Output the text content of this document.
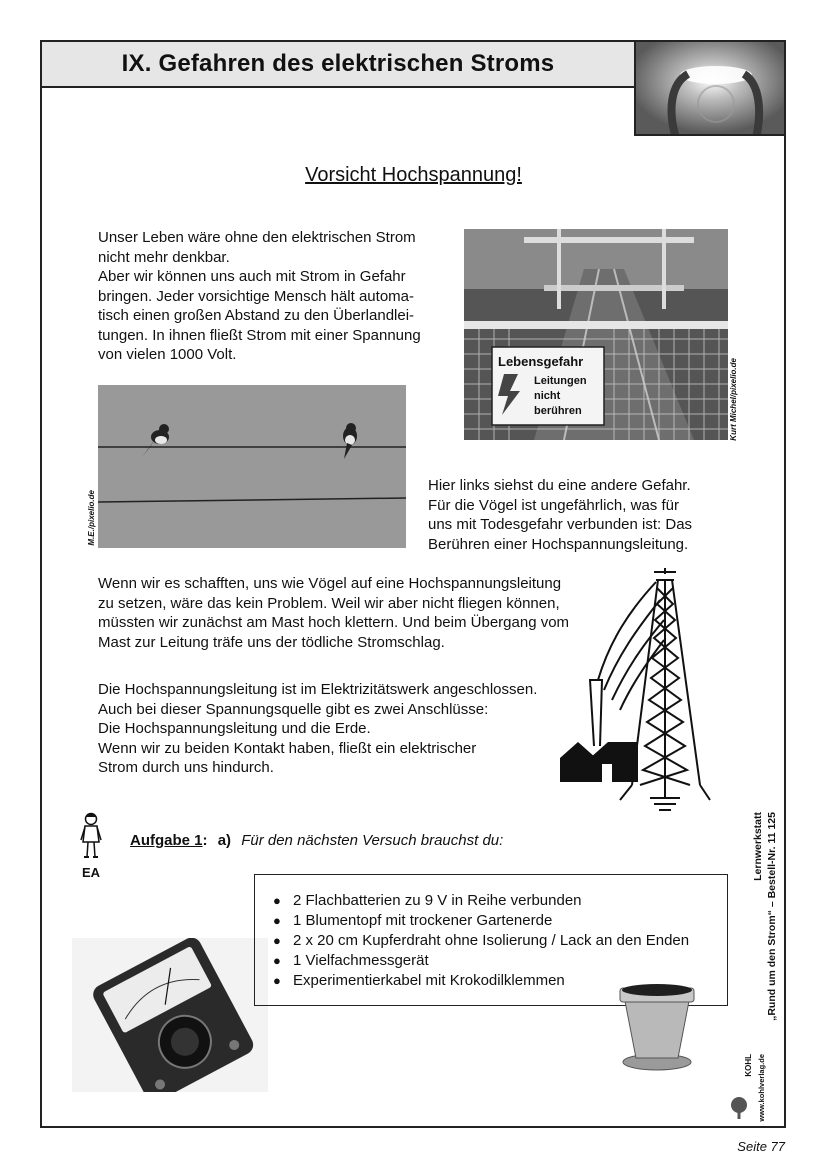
IX. Gefahren des elektrischen Stroms
Vorsicht Hochspannung!
Unser Leben wäre ohne den elektrischen Strom
nicht mehr denkbar.
Aber wir können uns auch mit Strom in Gefahr
bringen. Jeder vorsichtige Mensch hält automa-
tisch einen großen Abstand zu den Überlandlei-
tungen. In ihnen fließt Strom mit einer Spannung
von vielen 1000 Volt.	Lebensgefahr
Leitungen
nicht
berühren	Kurt Michel/pixelio.de
M.E./pixelio.de
Hier links siehst du eine andere Gefahr.
Für die Vögel ist ungefährlich, was für
uns mit Todesgefahr verbunden ist: Das
Berühren einer Hochspannungsleitung.
Wenn wir es schafften, uns wie Vögel auf eine Hochspannungsleitung
zu setzen, wäre das kein Problem. Weil wir aber nicht fliegen können,
müssten wir zunächst am Mast hoch klettern. Und beim Übergang vom
Mast zur Leitung träfe uns der tödliche Stromschlag.
Die Hochspannungsleitung ist im Elektrizitätswerk angeschlossen.
Auch bei dieser Spannungsquelle gibt es zwei Anschlüsse:
Die Hochspannungsleitung und die Erde.
Wenn wir zu beiden Kontakt haben, fließt ein elektrischer
Strom durch uns hindurch.
EA
Aufgabe 1: a) Für den nächsten Versuch brauchst du:
● 2 Flachbatterien zu 9 V in Reihe verbunden
● 1 Blumentopf mit trockener Gartenerde
● 2 x 20 cm Kupferdraht ohne Isolierung / Lack an den Enden
● 1 Vielfachmessgerät
● Experimentierkabel mit Krokodilklemmen
Lernwerkstatt „Rund um den Strom“ – Bestell-Nr. 11 125
www.kohlverlag.de
KOHL
Seite 77
